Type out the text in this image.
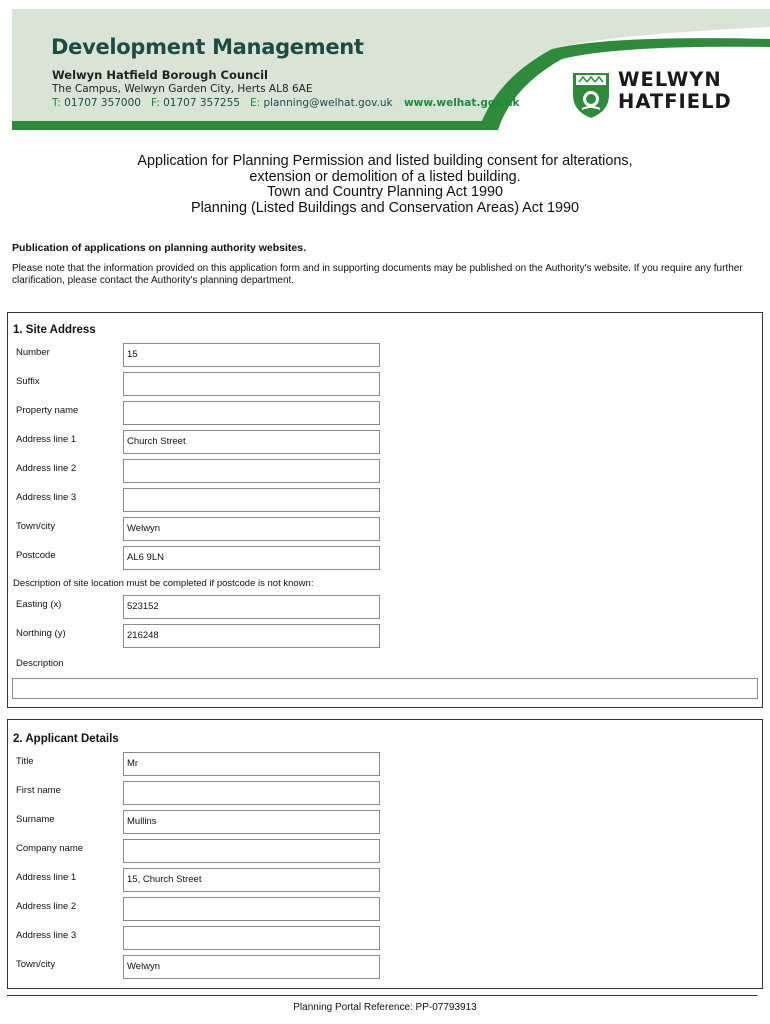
Development Management
Welwyn Hatfield Borough Council
The Campus, Welwyn Garden City, Herts AL8 6AE
T: 01707 357000 F: 01707 357255 E: planning@welhat.gov.uk www.welhat.gov.uk
WELWYN
HATFIELD
Application for Planning Permission and listed building consent for alterations,
extension or demolition of a listed building.
Town and Country Planning Act 1990
Planning (Listed Buildings and Conservation Areas) Act 1990
Publication of applications on planning authority websites.
Please note that the information provided on this application form and in supporting documents may be published on the Authority's website. If you require any further clarification, please contact the Authority's planning department.
1. Site Address
Number	15
Suffix
Property name
Address line 1	Church Street
Address line 2
Address line 3
Town/city	Welwyn
Postcode	AL6 9LN
Description of site location must be completed if postcode is not known:
Easting (x)	523152
Northing (y)	216248
Description
2. Applicant Details
Title	Mr
First name
Surname	Mullins
Company name
Address line 1	15, Church Street
Address line 2
Address line 3
Town/city	Welwyn
Planning Portal Reference: PP-07793913
